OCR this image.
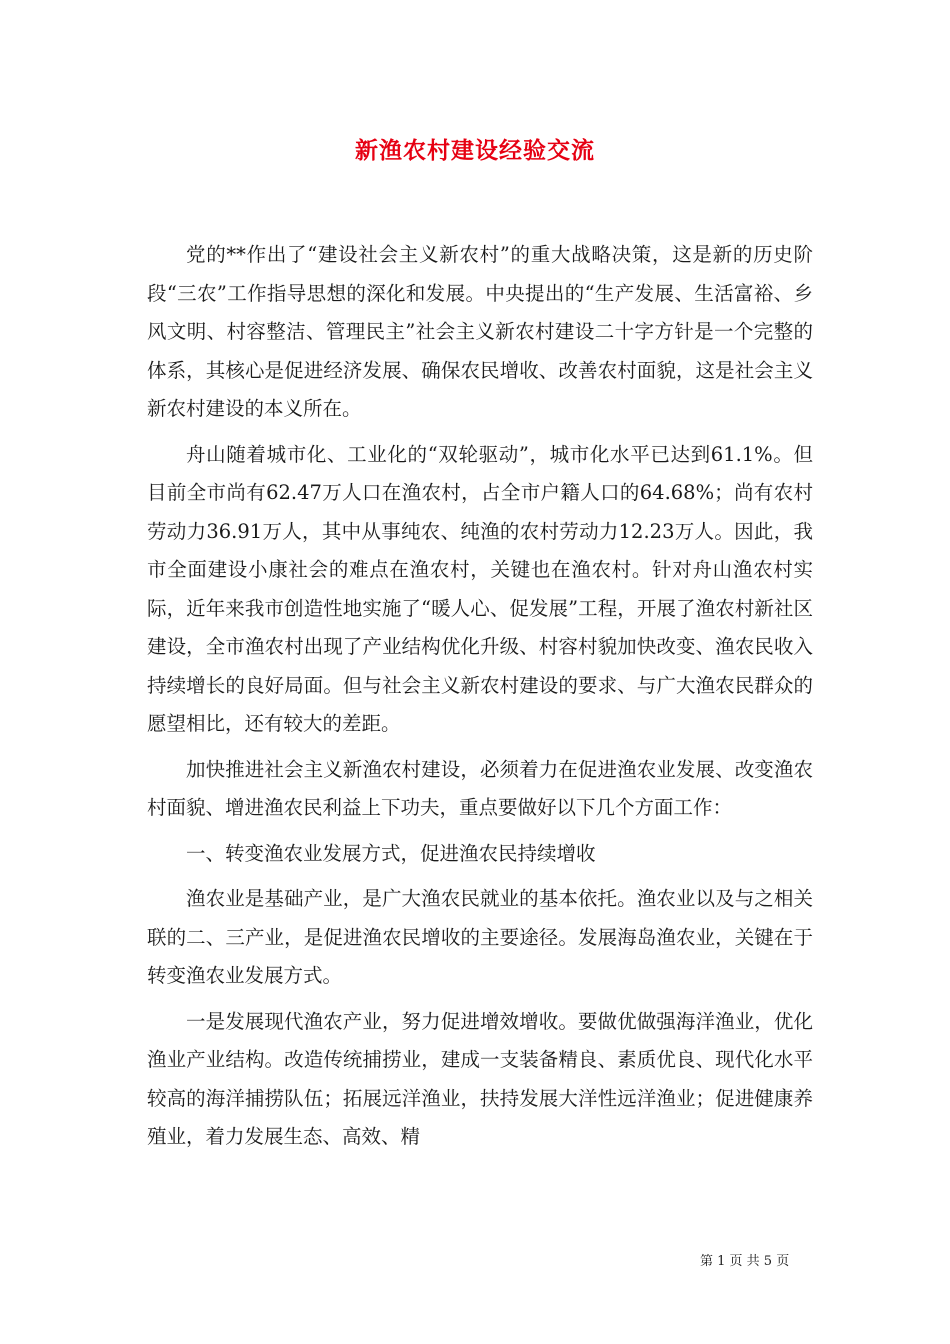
新渔农村建设经验交流

党的**作出了“建设社会主义新农村”的重大战略决策，这是新的历史阶段“三农”工作指导思想的深化和发展。中央提出的“生产发展、生活富裕、乡风文明、村容整洁、管理民主”社会主义新农村建设二十字方针是一个完整的体系，其核心是促进经济发展、确保农民增收、改善农村面貌，这是社会主义新农村建设的本义所在。

舟山随着城市化、工业化的“双轮驱动”，城市化水平已达到61.1%。但目前全市尚有62.47万人口在渔农村，占全市户籍人口的64.68%；尚有农村劳动力36.91万人，其中从事纯农、纯渔的农村劳动力12.23万人。因此，我市全面建设小康社会的难点在渔农村，关键也在渔农村。针对舟山渔农村实际，近年来我市创造性地实施了“暖人心、促发展”工程，开展了渔农村新社区建设，全市渔农村出现了产业结构优化升级、村容村貌加快改变、渔农民收入持续增长的良好局面。但与社会主义新农村建设的要求、与广大渔农民群众的愿望相比，还有较大的差距。

加快推进社会主义新渔农村建设，必须着力在促进渔农业发展、改变渔农村面貌、增进渔农民利益上下功夫，重点要做好以下几个方面工作：

一、转变渔农业发展方式，促进渔农民持续增收

渔农业是基础产业，是广大渔农民就业的基本依托。渔农业以及与之相关联的二、三产业，是促进渔农民增收的主要途径。发展海岛渔农业，关键在于转变渔农业发展方式。

一是发展现代渔农产业，努力促进增效增收。要做优做强海洋渔业，优化渔业产业结构。改造传统捕捞业，建成一支装备精良、素质优良、现代化水平较高的海洋捕捞队伍；拓展远洋渔业，扶持发展大洋性远洋渔业；促进健康养殖业，着力发展生态、高效、精

第 1 页 共 5 页
